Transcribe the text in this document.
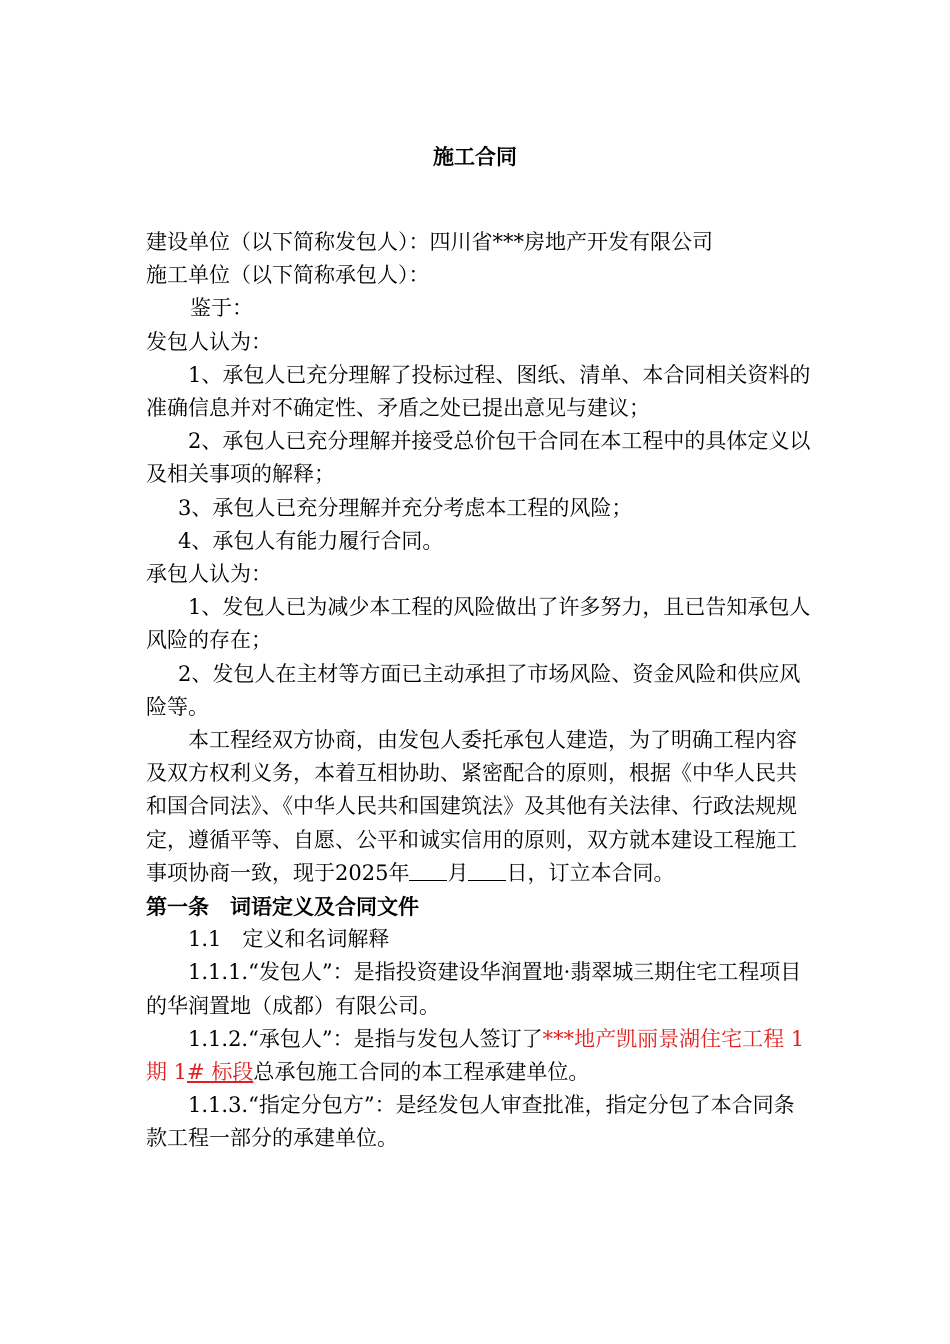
施工合同

建设单位（以下简称发包人）：四川省***房地产开发有限公司

施工单位（以下简称承包人）：

鉴于：

发包人认为：

1、承包人已充分理解了投标过程、图纸、清单、本合同相关资料的准确信息并对不确定性、矛盾之处已提出意见与建议；

2、承包人已充分理解并接受总价包干合同在本工程中的具体定义以及相关事项的解释；

3、承包人已充分理解并充分考虑本工程的风险；

4、承包人有能力履行合同。

承包人认为：

1、发包人已为减少本工程的风险做出了许多努力，且已告知承包人风险的存在；

2、发包人在主材等方面已主动承担了市场风险、资金风险和供应风险等。

本工程经双方协商，由发包人委托承包人建造，为了明确工程内容及双方权利义务，本着互相协助、紧密配合的原则，根据《中华人民共和国合同法》、《中华人民共和国建筑法》及其他有关法律、行政法规规定，遵循平等、自愿、公平和诚实信用的原则，双方就本建设工程施工事项协商一致，现于2025年 月 日，订立本合同。

第一条　词语定义及合同文件

1.1　定义和名词解释

1.1.1.“发包人”：是指投资建设华润置地·翡翠城三期住宅工程项目的华润置地（成都）有限公司。

1.1.2.“承包人”：是指与发包人签订了***地产凯丽景湖住宅工程 1 期 1# 标段总承包施工合同的本工程承建单位。

1.1.3.“指定分包方”：是经发包人审查批准，指定分包了本合同条款工程一部分的承建单位。
